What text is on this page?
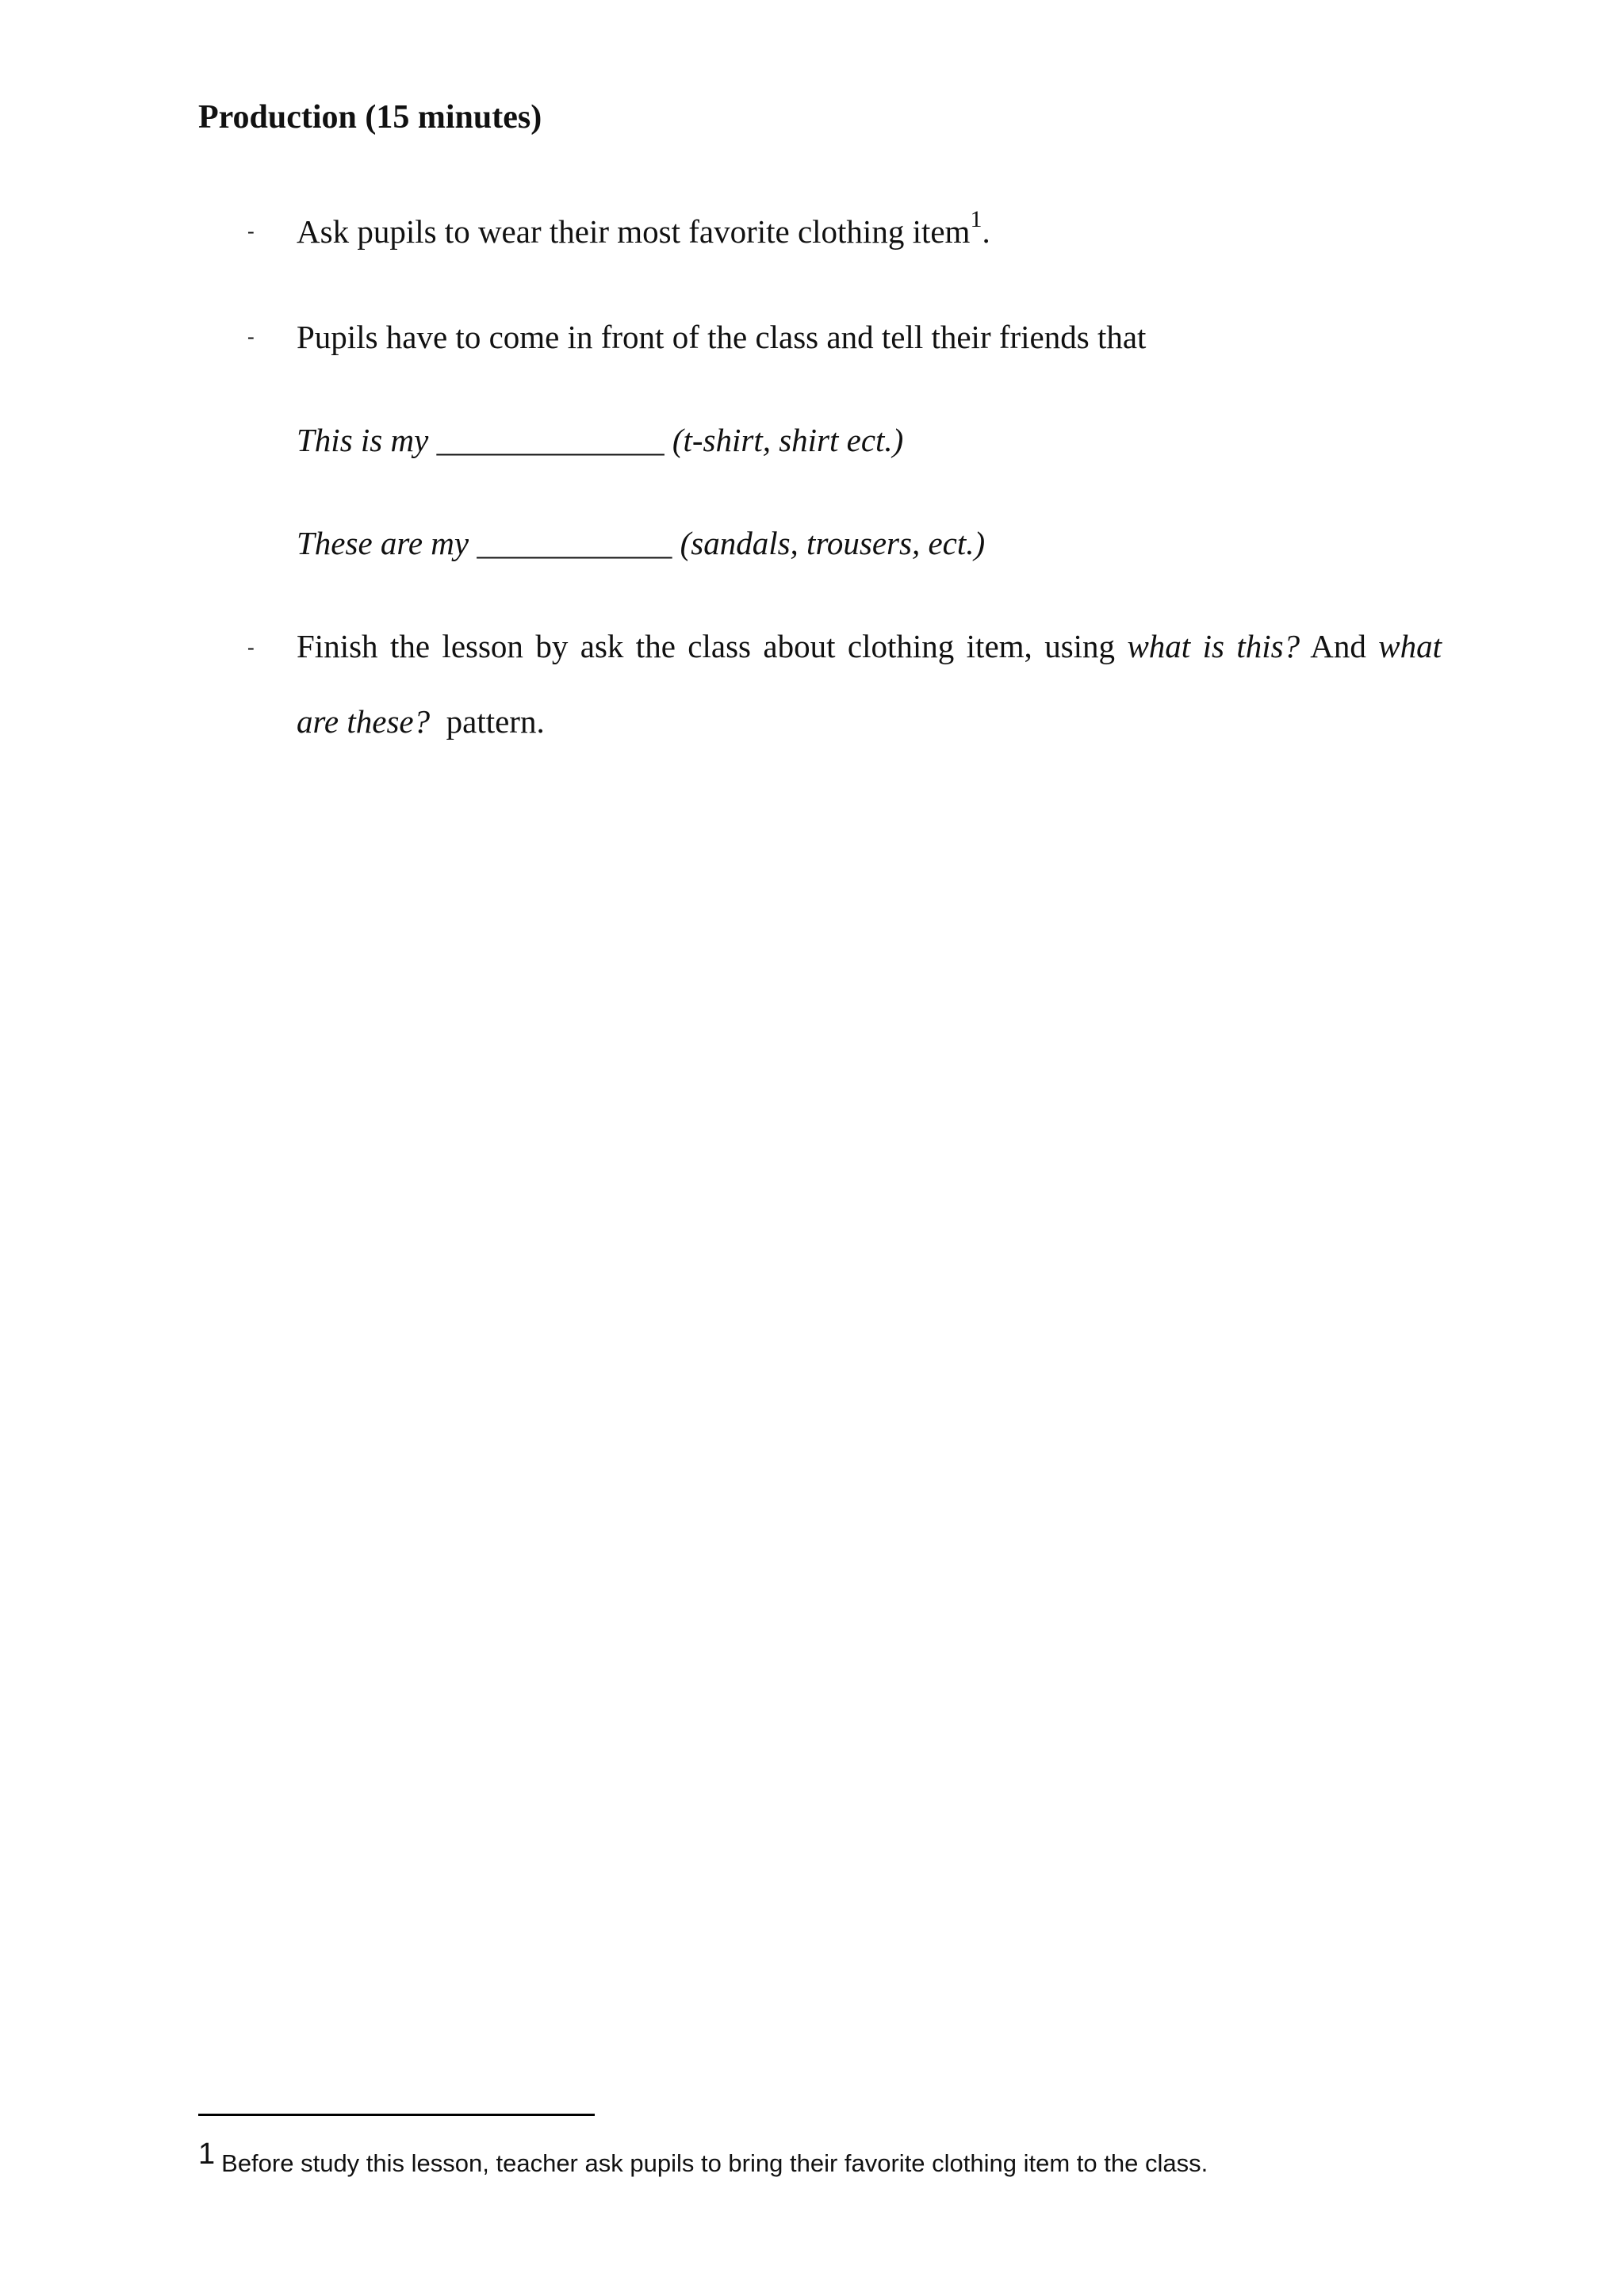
Production (15 minutes)
- Ask pupils to wear their most favorite clothing item$^1$.
- Pupils have to come in front of the class and tell their friends that
This is my ______________ (t-shirt, shirt ect.)
These are my ____________ (sandals, trousers, ect.)
- Finish the lesson by ask the class about clothing item, using what is this? And what
are these? pattern.
1 Before study this lesson, teacher ask pupils to bring their favorite clothing item to the class.
